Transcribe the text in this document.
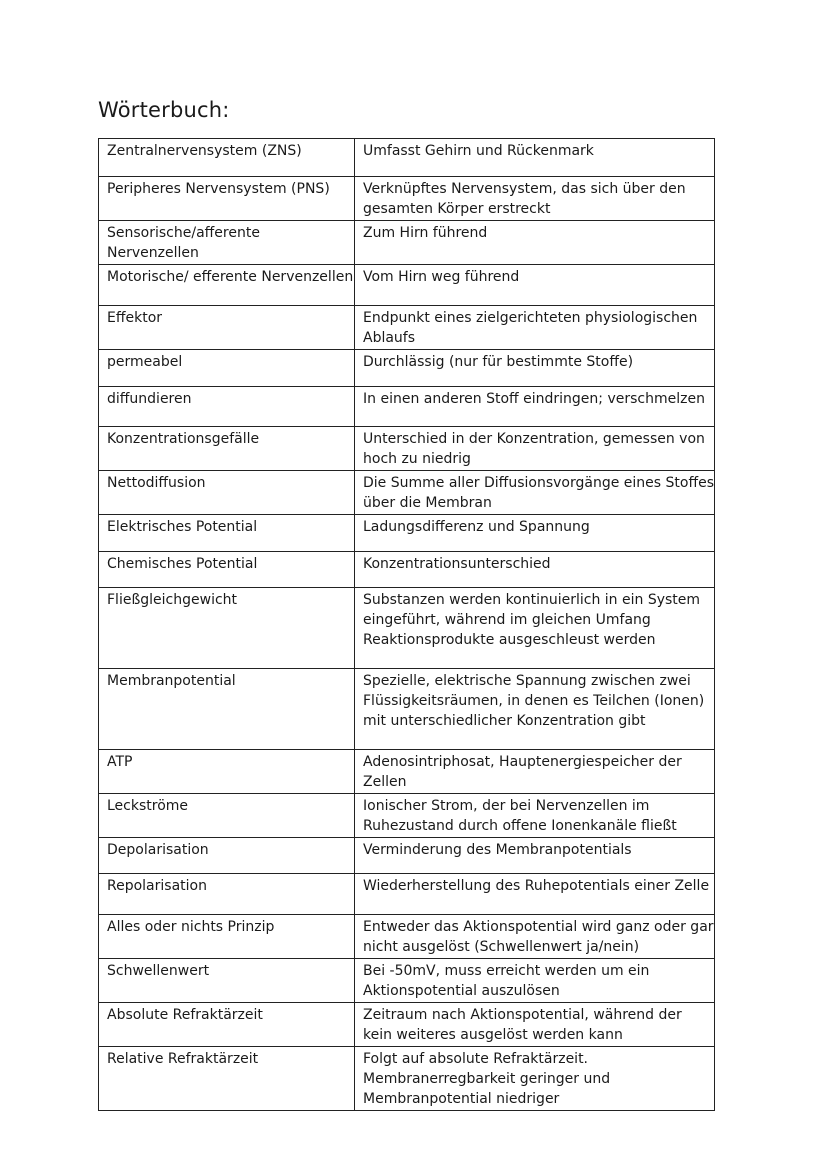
Wörterbuch:
Zentralnervensystem (ZNS)	Umfasst Gehirn und Rückenmark
Peripheres Nervensystem (PNS)	Verknüpftes Nervensystem, das sich über den gesamten Körper erstreckt
Sensorische/afferente Nervenzellen	Zum Hirn führend
Motorische/ efferente Nervenzellen	Vom Hirn weg führend
Effektor	Endpunkt eines zielgerichteten physiologischen Ablaufs
permeabel	Durchlässig (nur für bestimmte Stoffe)
diffundieren	In einen anderen Stoff eindringen; verschmelzen
Konzentrationsgefälle	Unterschied in der Konzentration, gemessen von hoch zu niedrig
Nettodiffusion	Die Summe aller Diffusionsvorgänge eines Stoffes über die Membran
Elektrisches Potential	Ladungsdifferenz und Spannung
Chemisches Potential	Konzentrationsunterschied
Fließgleichgewicht	Substanzen werden kontinuierlich in ein System eingeführt, während im gleichen Umfang Reaktionsprodukte ausgeschleust werden
Membranpotential	Spezielle, elektrische Spannung zwischen zwei Flüssigkeitsräumen, in denen es Teilchen (Ionen) mit unterschiedlicher Konzentration gibt
ATP	Adenosintriphosat, Hauptenergiespeicher der Zellen
Leckströme	Ionischer Strom, der bei Nervenzellen im Ruhezustand durch offene Ionenkanäle fließt
Depolarisation	Verminderung des Membranpotentials
Repolarisation	Wiederherstellung des Ruhepotentials einer Zelle
Alles oder nichts Prinzip	Entweder das Aktionspotential wird ganz oder gar nicht ausgelöst (Schwellenwert ja/nein)
Schwellenwert	Bei -50mV, muss erreicht werden um ein Aktionspotential auszulösen
Absolute Refraktärzeit	Zeitraum nach Aktionspotential, während der kein weiteres ausgelöst werden kann
Relative Refraktärzeit	Folgt auf absolute Refraktärzeit. Membranerregbarkeit geringer und Membranpotential niedriger
